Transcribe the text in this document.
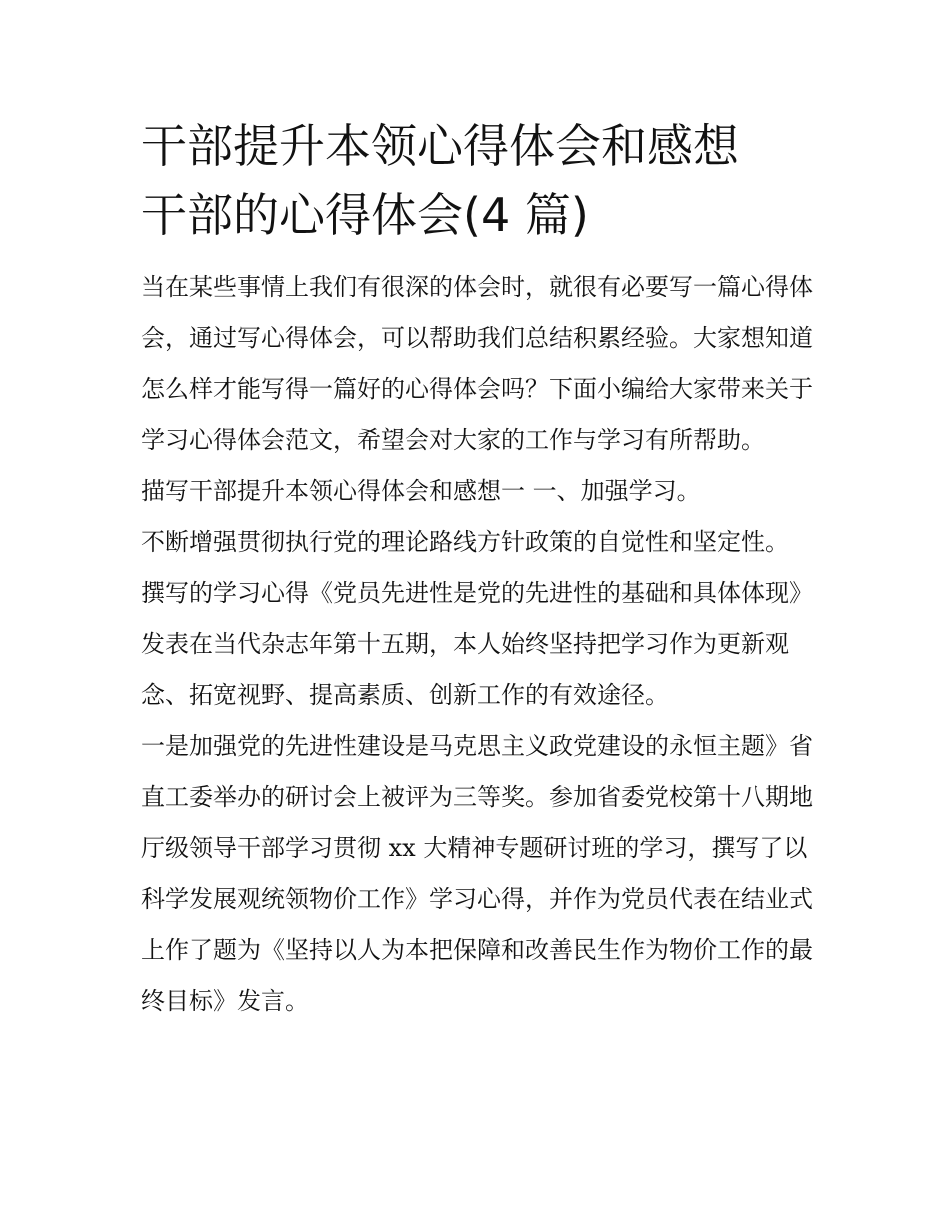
干部提升本领心得体会和感想
干部的心得体会(4 篇)

当在某些事情上我们有很深的体会时，就很有必要写一篇心得体会，通过写心得体会，可以帮助我们总结积累经验。大家想知道怎么样才能写得一篇好的心得体会吗？下面小编给大家带来关于学习心得体会范文，希望会对大家的工作与学习有所帮助。

描写干部提升本领心得体会和感想一 一、加强学习。

不断增强贯彻执行党的理论路线方针政策的自觉性和坚定性。

撰写的学习心得《党员先进性是党的先进性的基础和具体体现》发表在当代杂志年第十五期，本人始终坚持把学习作为更新观念、拓宽视野、提高素质、创新工作的有效途径。

一是加强党的先进性建设是马克思主义政党建设的永恒主题》省直工委举办的研讨会上被评为三等奖。参加省委党校第十八期地厅级领导干部学习贯彻 xx 大精神专题研讨班的学习，撰写了以科学发展观统领物价工作》学习心得，并作为党员代表在结业式上作了题为《坚持以人为本把保障和改善民生作为物价工作的最终目标》发言。
